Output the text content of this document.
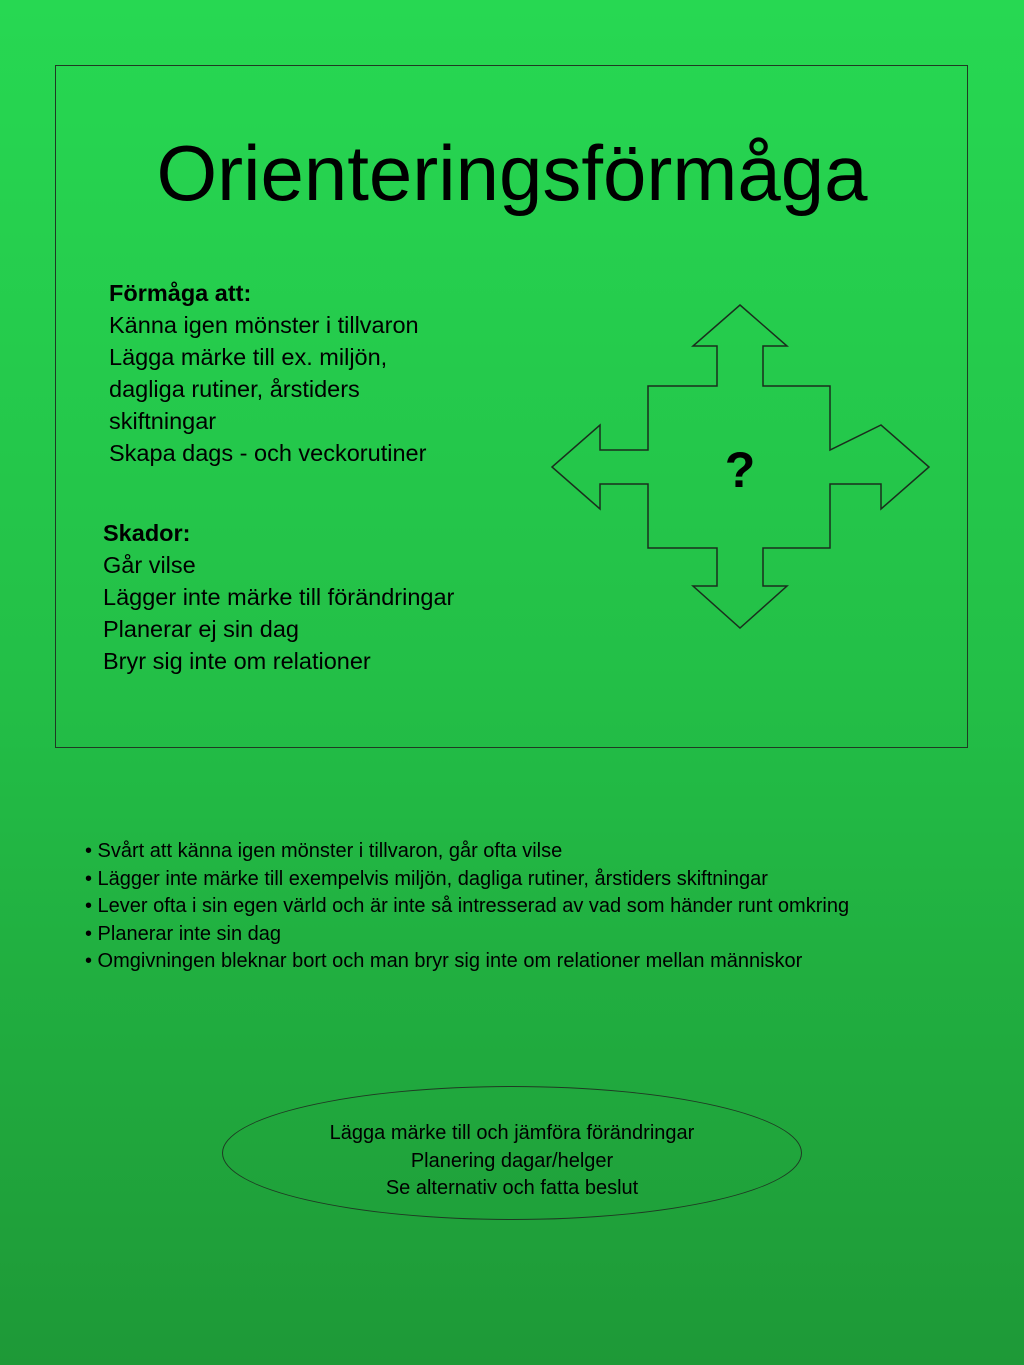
Orienteringsförmåga
Förmåga att:
Känna igen mönster i tillvaron
Lägga märke till ex. miljön,
dagliga rutiner, årstiders
skiftningar
Skapa dags - och veckorutiner
Skador:
Går vilse
Lägger inte märke till förändringar
Planerar ej sin dag
Bryr sig inte om relationer
?
• Svårt att känna igen mönster i tillvaron, går ofta vilse
• Lägger inte märke till exempelvis miljön, dagliga rutiner, årstiders skiftningar
• Lever ofta i sin egen värld och är inte så intresserad av vad som händer runt omkring
• Planerar inte sin dag
• Omgivningen bleknar bort och man bryr sig inte om relationer mellan människor
Lägga märke till och jämföra förändringar
Planering dagar/helger
Se alternativ och fatta beslut
